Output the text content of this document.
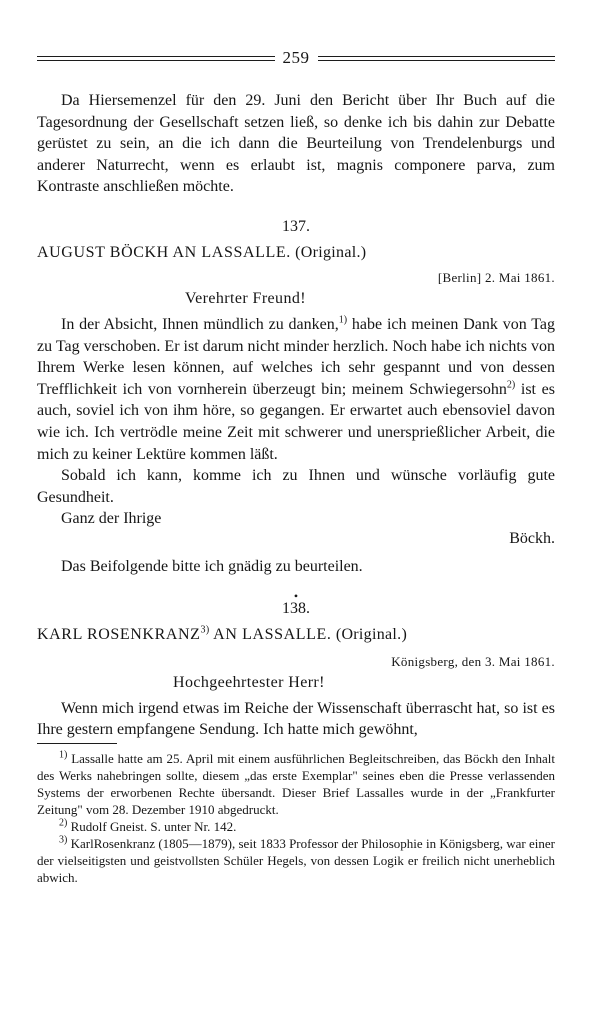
259

Da Hiersemenzel für den 29. Juni den Bericht über Ihr Buch auf die Tagesordnung der Gesellschaft setzen ließ, so denke ich bis dahin zur Debatte gerüstet zu sein, an die ich dann die Beurteilung von Trendelenburgs und anderer Naturrecht, wenn es erlaubt ist, magnis componere parva, zum Kontraste anschließen möchte.

137.

AUGUST BÖCKH AN LASSALLE. (Original.)

[Berlin] 2. Mai 1861.

Verehrter Freund!

In der Absicht, Ihnen mündlich zu danken,$^{1)}$ habe ich meinen Dank von Tag zu Tag verschoben. Er ist darum nicht minder herzlich. Noch habe ich nichts von Ihrem Werke lesen können, auf welches ich sehr gespannt und von dessen Trefflichkeit ich von vornherein überzeugt bin; meinem Schwiegersohn$^{2)}$ ist es auch, soviel ich von ihm höre, so gegangen. Er erwartet auch ebensoviel davon wie ich. Ich vertrödle meine Zeit mit schwerer und unersprießlicher Arbeit, die mich zu keiner Lektüre kommen läßt.

Sobald ich kann, komme ich zu Ihnen und wünsche vorläufig gute Gesundheit.

Ganz der Ihrige

Böckh.

Das Beifolgende bitte ich gnädig zu beurteilen.

•

138.

KARL ROSENKRANZ$^{3)}$ AN LASSALLE. (Original.)

Königsberg, den 3. Mai 1861.

Hochgeehrtester Herr!

Wenn mich irgend etwas im Reiche der Wissenschaft überrascht hat, so ist es Ihre gestern empfangene Sendung. Ich hatte mich gewöhnt,

$^{1)}$ Lassalle hatte am 25. April mit einem ausführlichen Begleitschreiben, das Böckh den Inhalt des Werks nahebringen sollte, diesem „das erste Exemplar" seines eben die Presse verlassenden Systems der erworbenen Rechte übersandt. Dieser Brief Lassalles wurde in der „Frankfurter Zeitung" vom 28. Dezember 1910 abgedruckt.

$^{2)}$ Rudolf Gneist. S. unter Nr. 142.

$^{3)}$ KarlRosenkranz (1805—1879), seit 1833 Professor der Philosophie in Königsberg, war einer der vielseitigsten und geistvollsten Schüler Hegels, von dessen Logik er freilich nicht unerheblich abwich.
